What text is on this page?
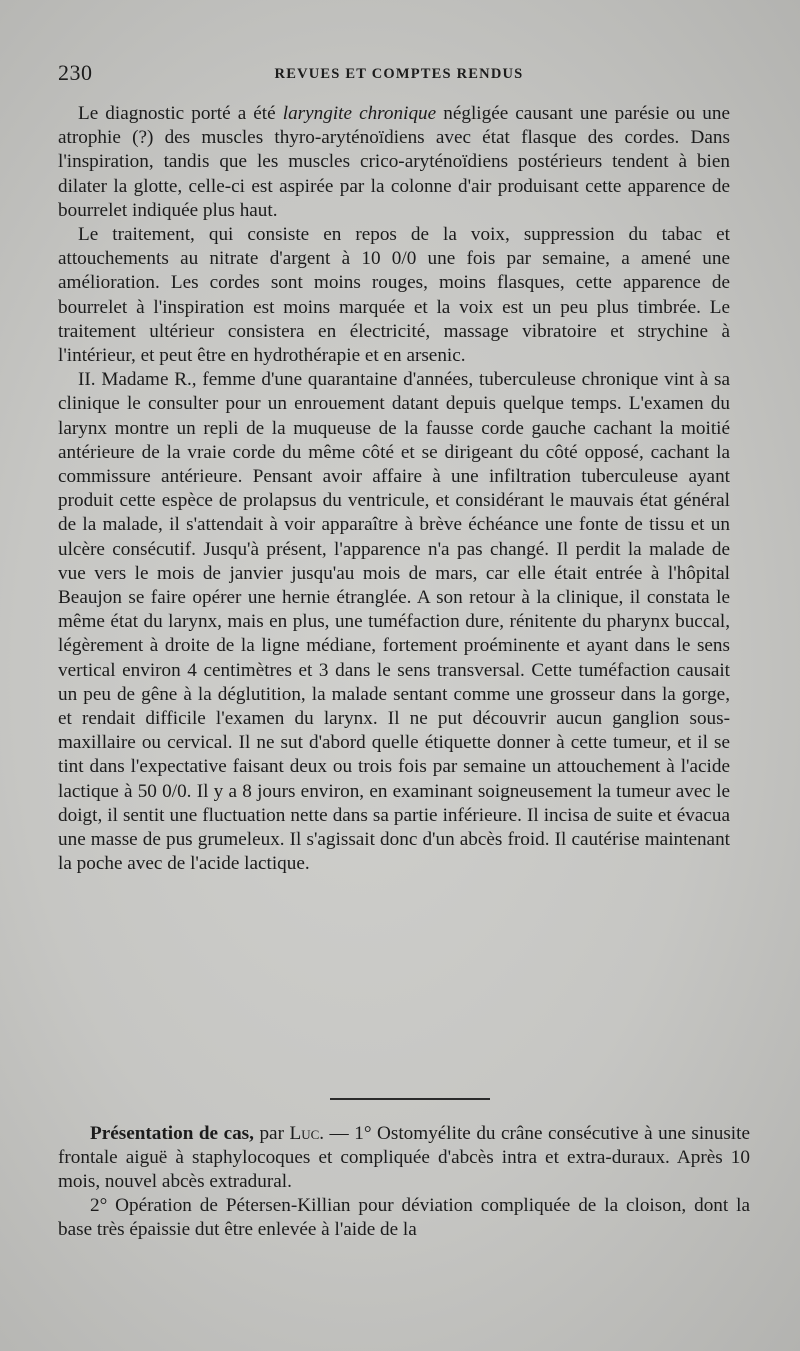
230	REVUES ET COMPTES RENDUS

Le diagnostic porté a été laryngite chronique négligée causant une parésie ou une atrophie (?) des muscles thyro-aryténoïdiens avec état flasque des cordes. Dans l'inspiration, tandis que les muscles crico-aryténoïdiens postérieurs tendent à bien dilater la glotte, celle-ci est aspirée par la colonne d'air produisant cette apparence de bourrelet indiquée plus haut.

Le traitement, qui consiste en repos de la voix, suppression du tabac et attouchements au nitrate d'argent à 10 0/0 une fois par semaine, a amené une amélioration. Les cordes sont moins rouges, moins flasques, cette apparence de bourrelet à l'inspiration est moins marquée et la voix est un peu plus timbrée. Le traitement ultérieur consistera en électricité, massage vibratoire et strychine à l'intérieur, et peut être en hydrothérapie et en arsenic.

II. Madame R., femme d'une quarantaine d'années, tuberculeuse chronique vint à sa clinique le consulter pour un enrouement datant depuis quelque temps. L'examen du larynx montre un repli de la muqueuse de la fausse corde gauche cachant la moitié antérieure de la vraie corde du même côté et se dirigeant du côté opposé, cachant la commissure antérieure. Pensant avoir affaire à une infiltration tuberculeuse ayant produit cette espèce de prolapsus du ventricule, et considérant le mauvais état général de la malade, il s'attendait à voir apparaître à brève échéance une fonte de tissu et un ulcère consécutif. Jusqu'à présent, l'apparence n'a pas changé. Il perdit la malade de vue vers le mois de janvier jusqu'au mois de mars, car elle était entrée à l'hôpital Beaujon se faire opérer une hernie étranglée. A son retour à la clinique, il constata le même état du larynx, mais en plus, une tuméfaction dure, rénitente du pharynx buccal, légèrement à droite de la ligne médiane, fortement proéminente et ayant dans le sens vertical environ 4 centimètres et 3 dans le sens transversal. Cette tuméfaction causait un peu de gêne à la déglutition, la malade sentant comme une grosseur dans la gorge, et rendait difficile l'examen du larynx. Il ne put découvrir aucun ganglion sous-maxillaire ou cervical. Il ne sut d'abord quelle étiquette donner à cette tumeur, et il se tint dans l'expectative faisant deux ou trois fois par semaine un attouchement à l'acide lactique à 50 0/0. Il y a 8 jours environ, en examinant soigneusement la tumeur avec le doigt, il sentit une fluctuation nette dans sa partie inférieure. Il incisa de suite et évacua une masse de pus grumeleux. Il s'agissait donc d'un abcès froid. Il cautérise maintenant la poche avec de l'acide lactique.

Présentation de cas, par Luc. — 1° Ostomyélite du crâne consécutive à une sinusite frontale aiguë à staphylocoques et compliquée d'abcès intra et extra-duraux. Après 10 mois, nouvel abcès extradural.

2° Opération de Pétersen-Killian pour déviation compliquée de la cloison, dont la base très épaissie dut être enlevée à l'aide de la
